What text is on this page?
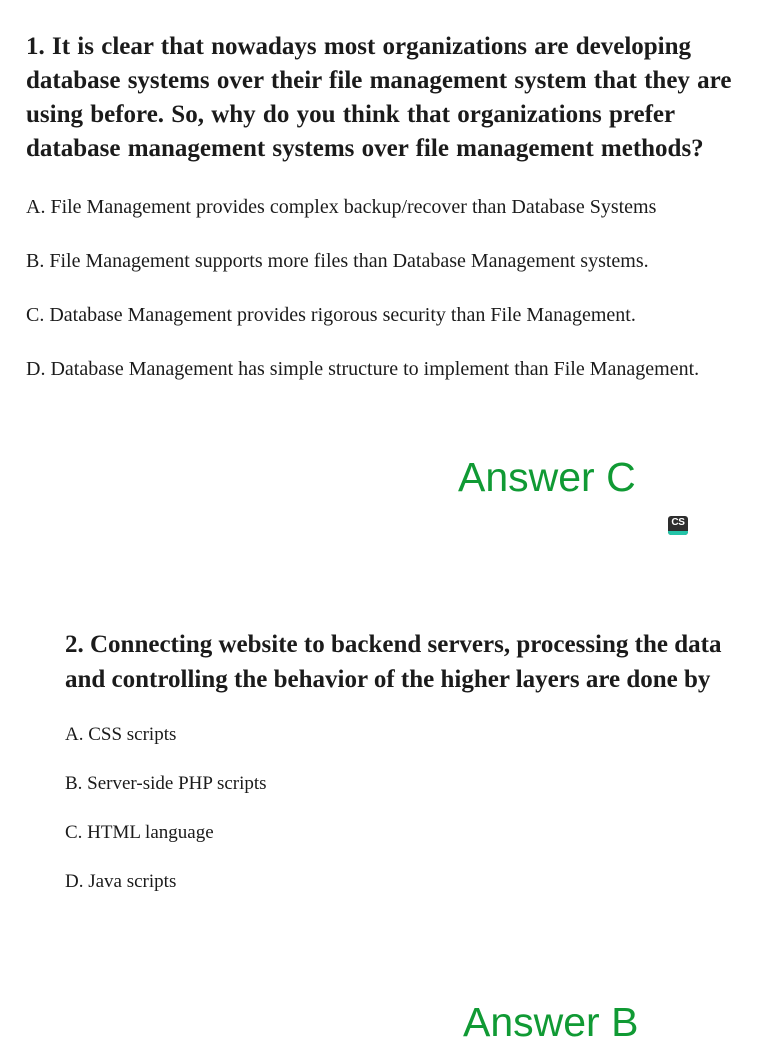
1. It is clear that nowadays most organizations are developing database systems over their file management system that they are using before. So, why do you think that organizations prefer database management systems over file management methods?

A. File Management provides complex backup/recover than Database Systems

B. File Management supports more files than Database Management systems.

C. Database Management provides rigorous security than File Management.

D. Database Management has simple structure to implement than File Management.

Answer C
CS

2. Connecting website to backend servers, processing the data and controlling the behavior of the higher layers are done by

A. CSS scripts

B. Server-side PHP scripts

C. HTML language

D. Java scripts

Answer B
